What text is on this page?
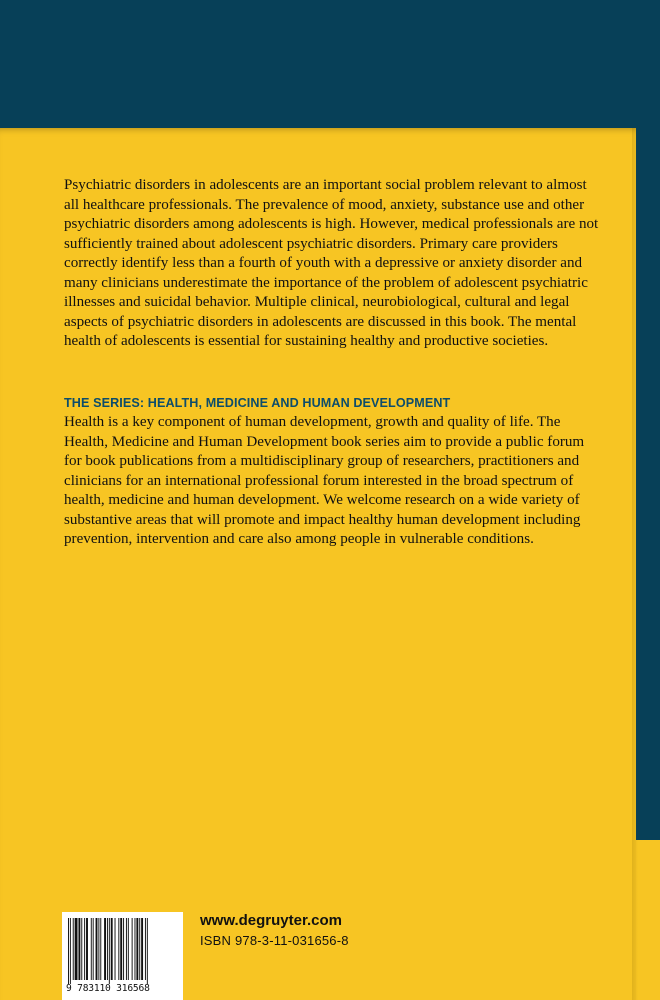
Psychiatric disorders in adolescents are an important social problem relevant to almost all healthcare professionals. The prevalence of mood, anxiety, substance use and other psychiatric disorders among adolescents is high. However, medical professionals are not sufficiently trained about adolescent psychiatric disorders. Primary care providers correctly identify less than a fourth of youth with a depressive or anxiety disorder and many clinicians underestimate the importance of the problem of adolescent psychiatric illnesses and suicidal behavior. Multiple clinical, neurobiological, cultural and legal aspects of psychiatric disorders in adolescents are discussed in this book. The mental health of adolescents is essential for sustaining healthy and productive societies.

THE SERIES: HEALTH, MEDICINE AND HUMAN DEVELOPMENT

Health is a key component of human development, growth and quality of life. The Health, Medicine and Human Development book series aim to provide a public forum for book publications from a multidisciplinary group of researchers, practitioners and clinicians for an international professional forum interested in the broad spectrum of health, medicine and human development. We welcome research on a wide variety of substantive areas that will promote and impact healthy human development including prevention, intervention and care also among people in vulnerable conditions.

9 783110 316568
www.degruyter.com
ISBN 978-3-11-031656-8
